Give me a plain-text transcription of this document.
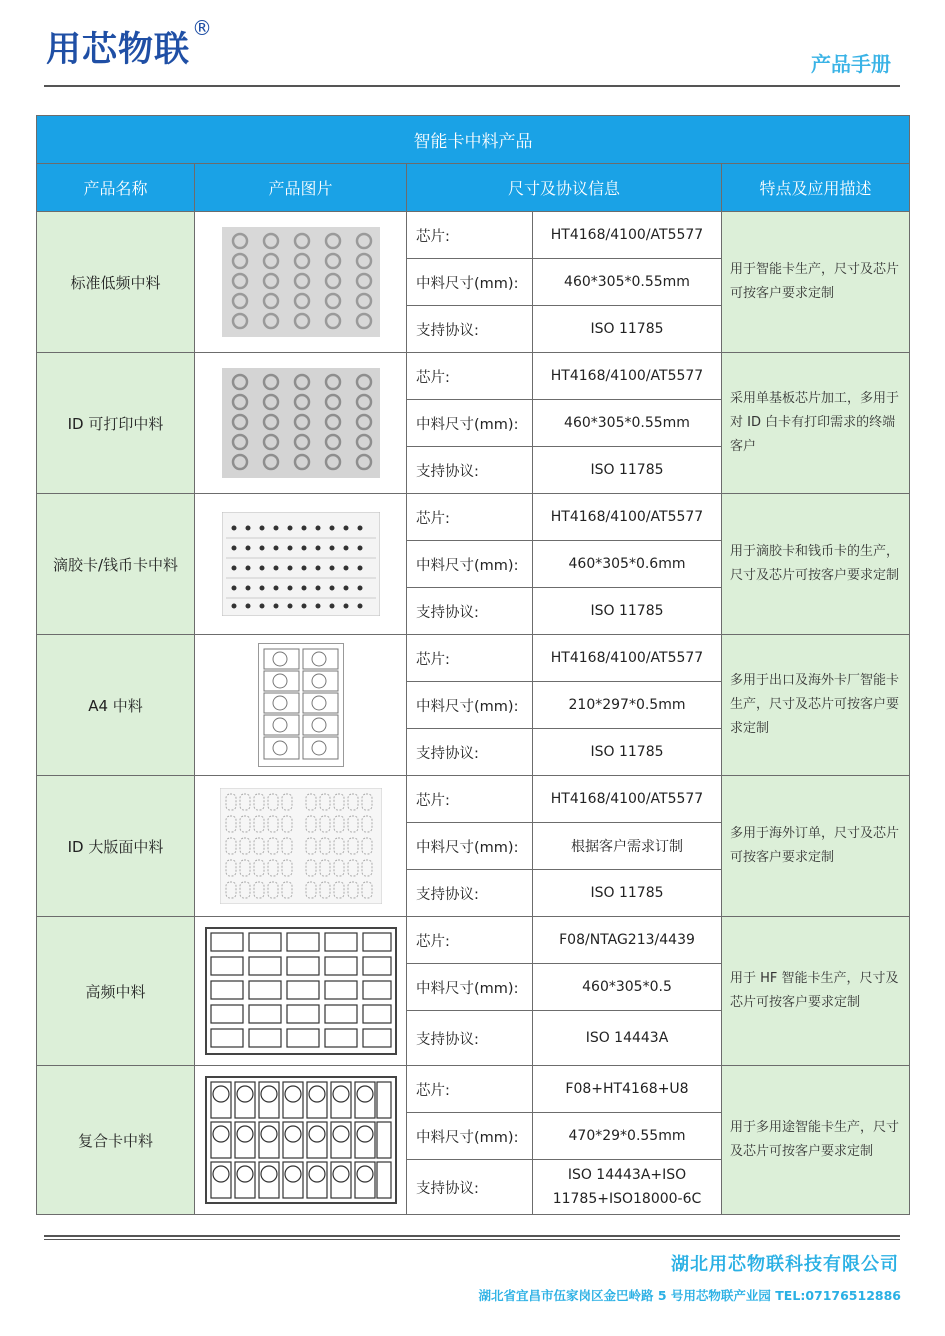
用芯物联®
产品手册
智能卡中料产品				
产品名称	产品图片	尺寸及协议信息		特点及应用描述
标准低频中料		芯片:	HT4168/4100/AT5577	用于智能卡生产，尺寸及芯片可按客户要求定制
		中料尺寸(mm):	460*305*0.55mm	
		支持协议:	ISO 11785	
ID 可打印中料		芯片:	HT4168/4100/AT5577	采用单基板芯片加工，多用于对 ID 白卡有打印需求的终端客户
		中料尺寸(mm):	460*305*0.55mm	
		支持协议:	ISO 11785	
滴胶卡/钱币卡中料		芯片:	HT4168/4100/AT5577	用于滴胶卡和钱币卡的生产，尺寸及芯片可按客户要求定制
		中料尺寸(mm):	460*305*0.6mm	
		支持协议:	ISO 11785	
A4 中料		芯片:	HT4168/4100/AT5577	多用于出口及海外卡厂智能卡生产，尺寸及芯片可按客户要求定制
		中料尺寸(mm):	210*297*0.5mm	
		支持协议:	ISO 11785	
ID 大版面中料		芯片:	HT4168/4100/AT5577	多用于海外订单，尺寸及芯片可按客户要求定制
		中料尺寸(mm):	根据客户需求订制	
		支持协议:	ISO 11785	
高频中料		芯片:	F08/NTAG213/4439	用于 HF 智能卡生产，尺寸及芯片可按客户要求定制
		中料尺寸(mm):	460*305*0.5	
		支持协议:	ISO 14443A	
复合卡中料		芯片:	F08+HT4168+U8	用于多用途智能卡生产，尺寸及芯片可按客户要求定制
		中料尺寸(mm):	470*29*0.55mm	
		支持协议:	ISO 14443A+ISO
11785+ISO18000-6C	
湖北用芯物联科技有限公司
湖北省宜昌市伍家岗区金巴岭路 5 号用芯物联产业园 TEL:07176512886
